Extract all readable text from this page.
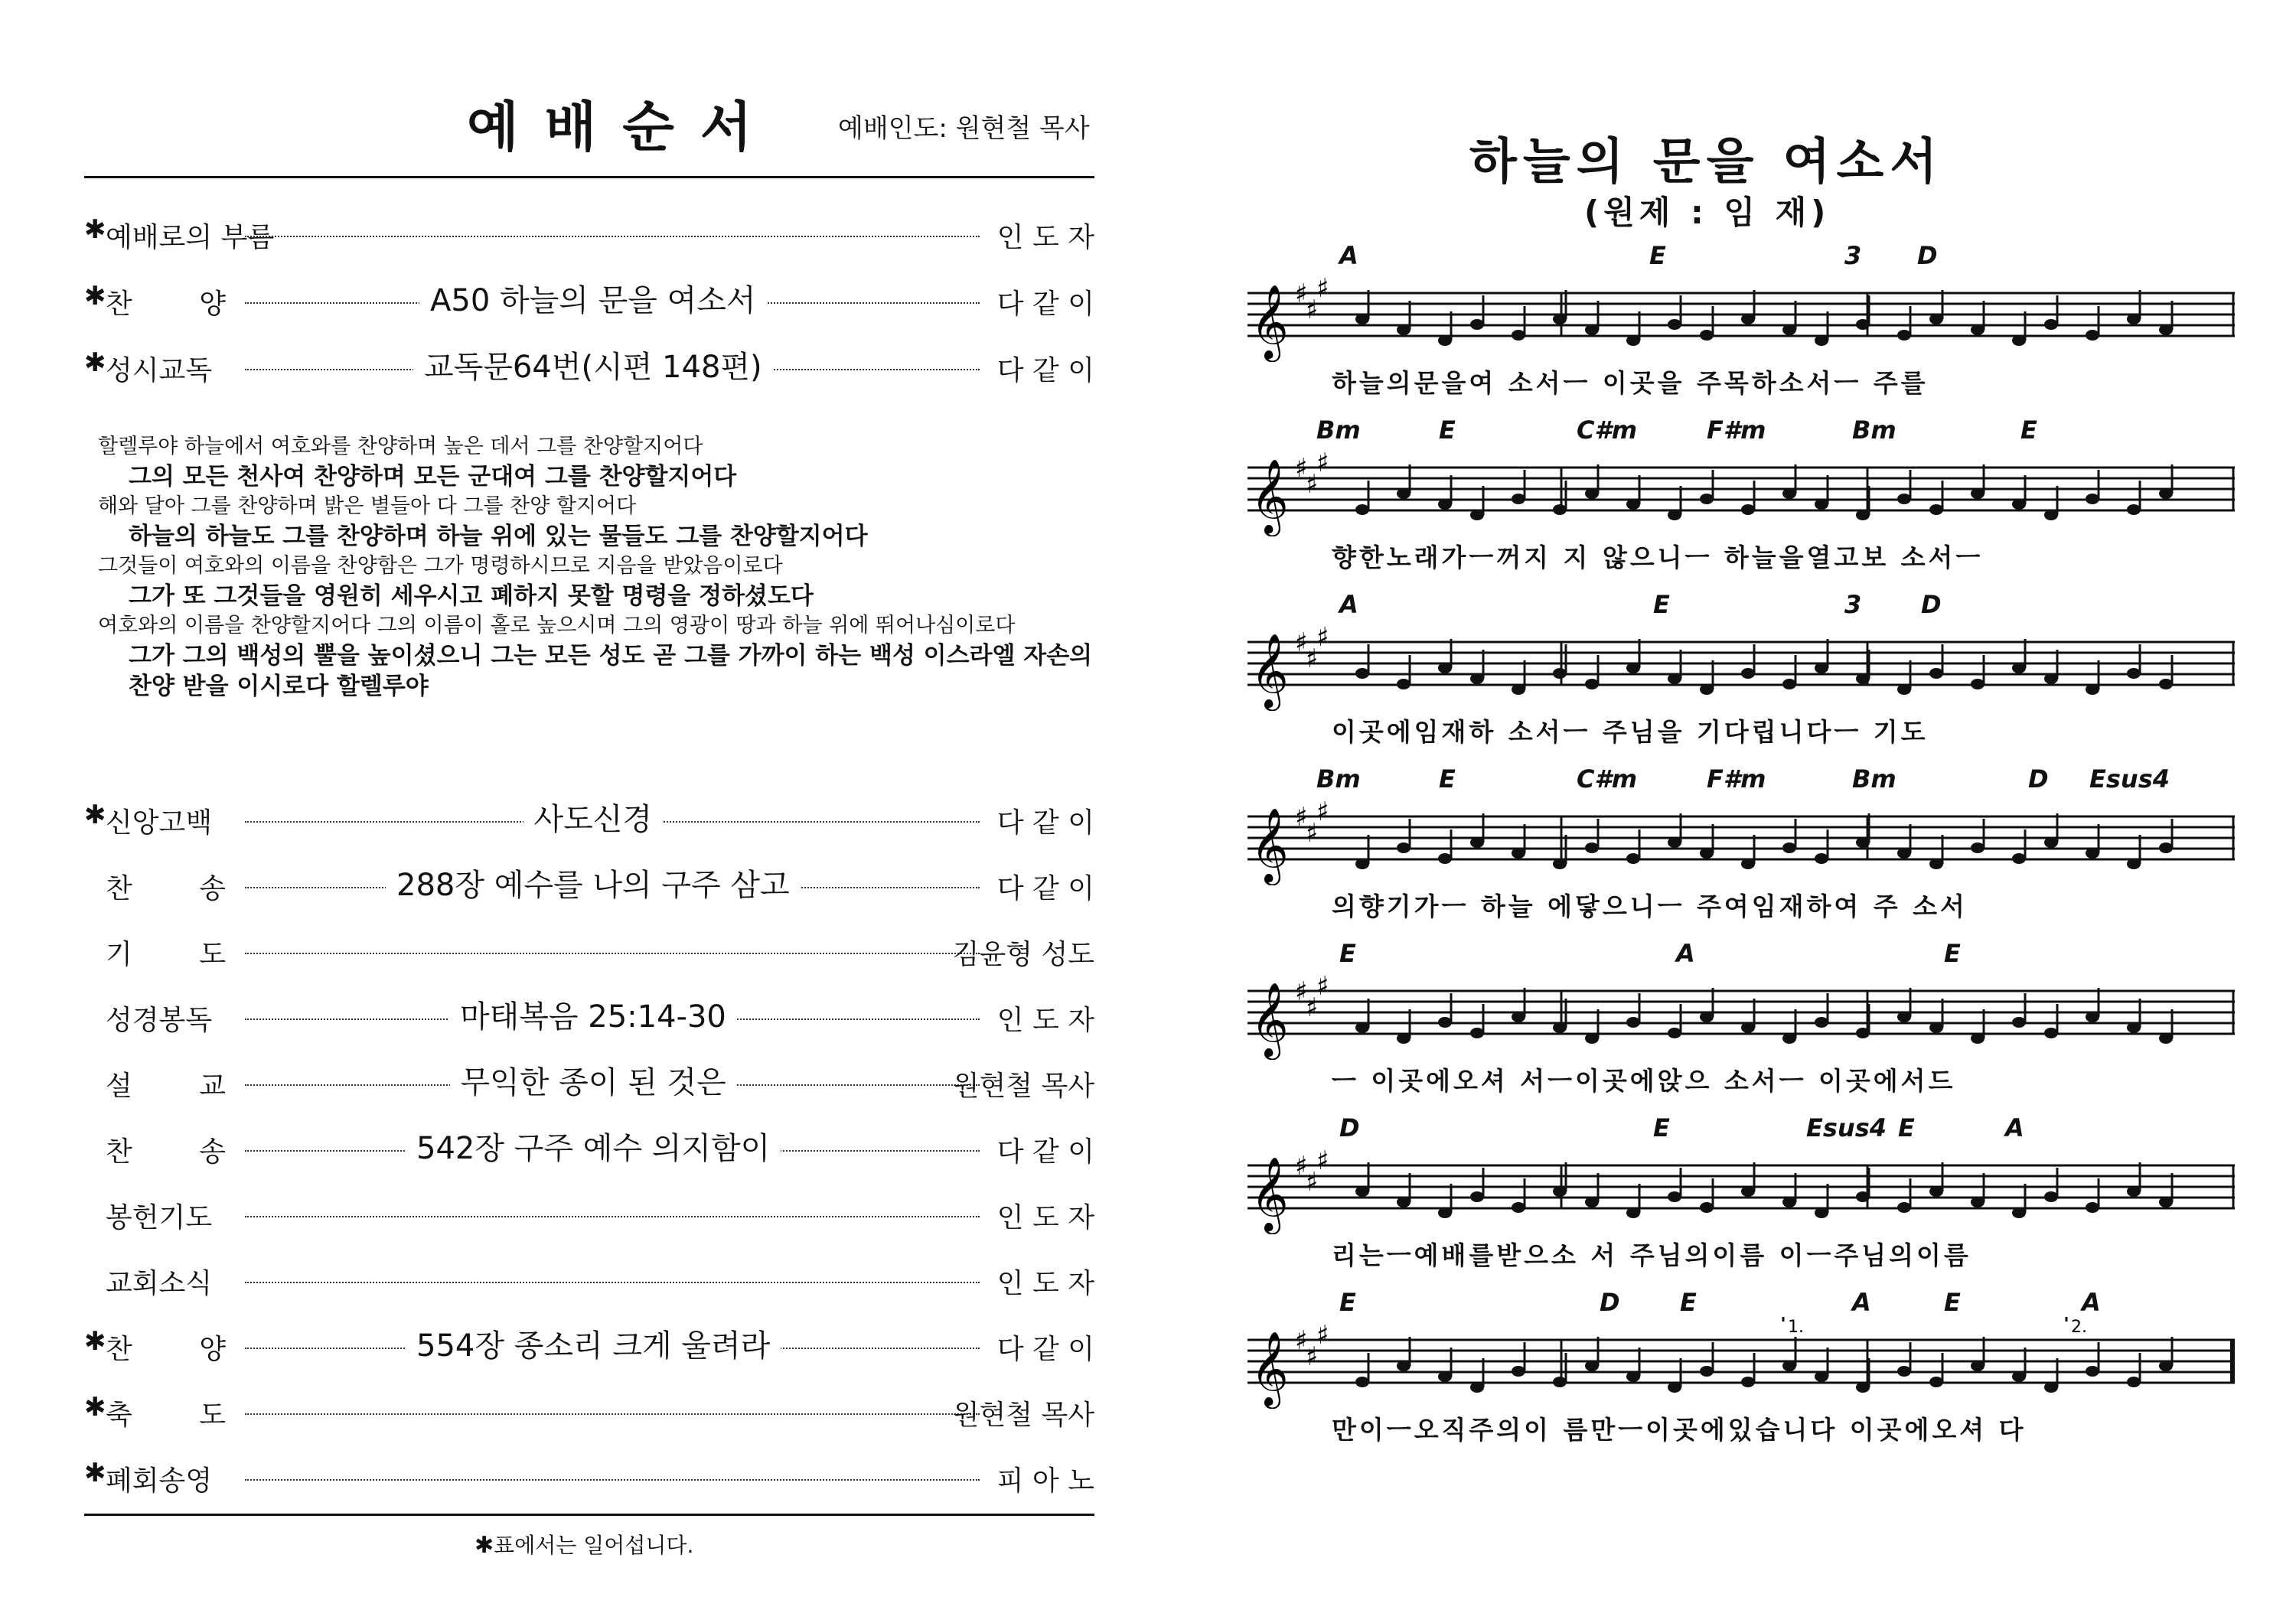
예배순서 예배인도: 원현철 목사
✱ 예배로의 부름	인 도 자
✱ 찬 양	A50 하늘의 문을 여소서	다 같 이
✱ 성시교독	교독문64번(시편 148편)	다 같 이

할렐루야 하늘에서 여호와를 찬양하며 높은 데서 그를 찬양할지어다

그의 모든 천사여 찬양하며 모든 군대여 그를 찬양할지어다

해와 달아 그를 찬양하며 밝은 별들아 다 그를 찬양 할지어다

하늘의 하늘도 그를 찬양하며 하늘 위에 있는 물들도 그를 찬양할지어다

그것들이 여호와의 이름을 찬양함은 그가 명령하시므로 지음을 받았음이로다

그가 또 그것들을 영원히 세우시고 폐하지 못할 명령을 정하셨도다

여호와의 이름을 찬양할지어다 그의 이름이 홀로 높으시며 그의 영광이 땅과 하늘 위에 뛰어나심이로다

그가 그의 백성의 뿔을 높이셨으니 그는 모든 성도 곧 그를 가까이 하는 백성 이스라엘 자손의 찬양 받을 이시로다 할렐루야

✱ 신앙고백	사도신경	다 같 이
찬 송	288장 예수를 나의 구주 삼고	다 같 이
기 도	김윤형 성도
성경봉독	마태복음 25:14-30	인 도 자
설 교	무익한 종이 된 것은	원현철 목사
찬 송	542장 구주 예수 의지함이	다 같 이
봉헌기도	인 도 자
교회소식	인 도 자
✱ 찬 양	554장 종소리 크게 울려라	다 같 이
✱ 축 도	원현철 목사
✱ 폐회송영	피 아 노
✱표에서는 일어섭니다.
하늘의 문을 여소서
(원제 : 임 재)
A	E	3 D
𝄞 ♯
♯
♯
하늘의문을여 소서ㅡ 이곳을 주목하소서ㅡ 주를
Bm	E	C#m	F#m	Bm	E
𝄞 ♯
♯
♯
향한노래가ㅡ꺼지 지 않으니ㅡ 하늘을열고보 소서ㅡ
A	E	3 D
𝄞 ♯
♯
♯
이곳에임재하 소서ㅡ 주님을 기다립니다ㅡ 기도
Bm	E	C#m	F#m	Bm	D Esus4
𝄞 ♯
♯
♯
의향기가ㅡ 하늘 에닿으니ㅡ 주여임재하여 주 소서
E	A	E
𝄞 ♯
♯
♯
ㅡ 이곳에오셔 서ㅡ이곳에앉으 소서ㅡ 이곳에서드
D	E	Esus4 E	A
𝄞 ♯
♯
♯
리는ㅡ예배를받으소 서 주님의이름 이ㅡ주님의이름
E	D E	A	E	A
𝄞 ♯
♯
♯	1.	2.
만이ㅡ오직주의이 름만ㅡ이곳에있습니다 이곳에오셔 다
